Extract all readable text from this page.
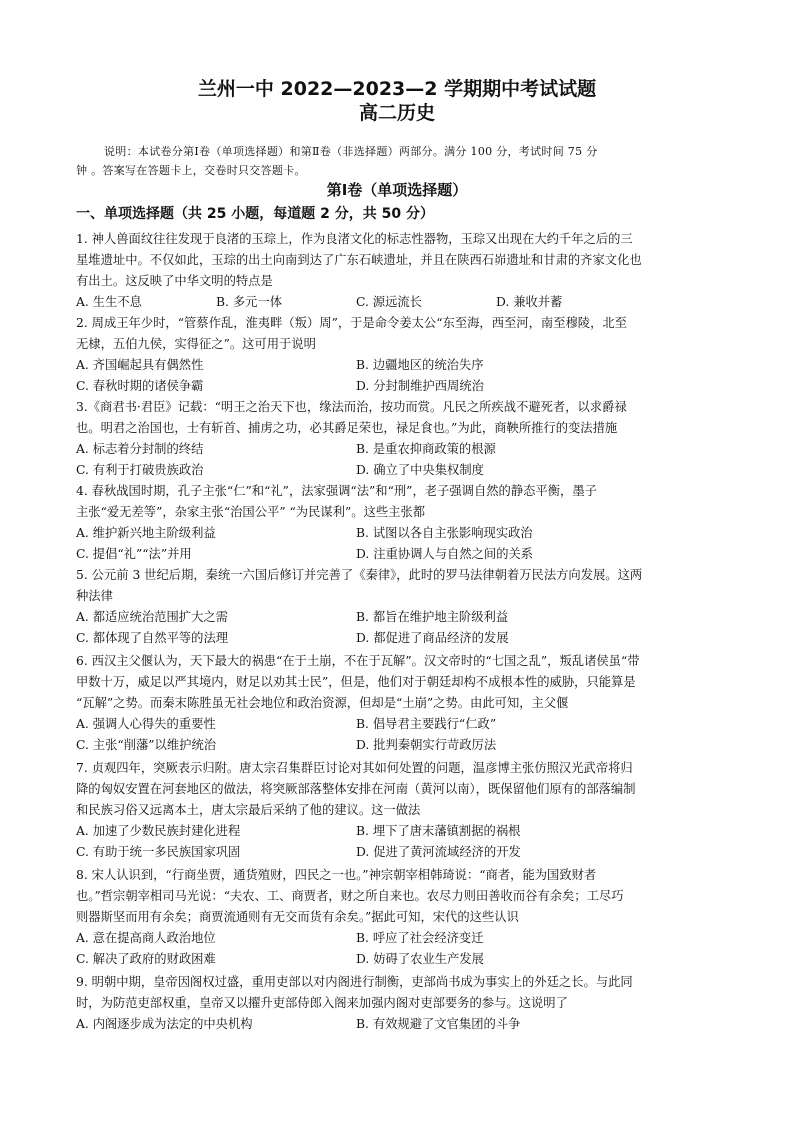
兰州一中 2022—2023—2 学期期中考试试题
高二历史
说明：本试卷分第Ⅰ卷（单项选择题）和第Ⅱ卷（非选择题）两部分。满分 100 分，考试时间 75 分
钟 。答案写在答题卡上，交卷时只交答题卡。
第Ⅰ卷（单项选择题）
一、单项选择题（共 25 小题，每道题 2 分，共 50 分）
1. 神人兽面纹往往发现于良渚的玉琮上，作为良渚文化的标志性器物，玉琮又出现在大约千年之后的三
星堆遗址中。不仅如此，玉琮的出土向南到达了广东石峡遗址，并且在陕西石峁遗址和甘肃的齐家文化也
有出土。这反映了中华文明的特点是
A. 生生不息	B. 多元一体	C. 源远流长	D. 兼收并蓄
2. 周成王年少时，“管蔡作乱，淮夷畔（叛）周”，于是命令姜太公“东至海，西至河，南至穆陵，北至
无棣，五伯九侯，实得征之”。这可用于说明
A. 齐国崛起具有偶然性	B. 边疆地区的统治失序
C. 春秋时期的诸侯争霸	D. 分封制维护西周统治
3.《商君书·君臣》记载：“明王之治天下也，缘法而治，按功而赏。凡民之所疾战不避死者，以求爵禄
也。明君之治国也，士有斩首、捕虏之功，必其爵足荣也，禄足食也。”为此，商鞅所推行的变法措施
A. 标志着分封制的终结	B. 是重农抑商政策的根源
C. 有利于打破贵族政治	D. 确立了中央集权制度
4. 春秋战国时期，孔子主张“仁”和“礼”，法家强调“法”和“刑”，老子强调自然的静态平衡，墨子
主张“爱无差等”，杂家主张“治国公平” “为民谋利”。这些主张都
A. 维护新兴地主阶级利益	B. 试图以各自主张影响现实政治
C. 提倡“礼”“法”并用	D. 注重协调人与自然之间的关系
5. 公元前 3 世纪后期，秦统一六国后修订并完善了《秦律》，此时的罗马法律朝着万民法方向发展。这两
种法律
A. 都适应统治范围扩大之需	B. 都旨在维护地主阶级利益
C. 都体现了自然平等的法理	D. 都促进了商品经济的发展
6. 西汉主父偃认为，天下最大的祸患“在于土崩，不在于瓦解”。汉文帝时的“七国之乱”，叛乱诸侯虽“带
甲数十万，威足以严其境内，财足以劝其士民”，但是，他们对于朝廷却构不成根本性的威胁，只能算是
“瓦解”之势。而秦末陈胜虽无社会地位和政治资源，但却是“土崩”之势。由此可知，主父偃
A. 强调人心得失的重要性	B. 倡导君主要践行“仁政”
C. 主张“削藩”以维护统治	D. 批判秦朝实行苛政厉法
7. 贞观四年，突厥表示归附。唐太宗召集群臣讨论对其如何处置的问题，温彦博主张仿照汉光武帝将归
降的匈奴安置在河套地区的做法，将突厥部落整体安排在河南（黄河以南），既保留他们原有的部落编制
和民族习俗又远离本土，唐太宗最后采纳了他的建议。这一做法
A. 加速了少数民族封建化进程	B. 埋下了唐末藩镇割据的祸根
C. 有助于统一多民族国家巩固	D. 促进了黄河流域经济的开发
8. 宋人认识到，“行商坐贾，通货殖财，四民之一也。”神宗朝宰相韩琦说：“商者，能为国致财者
也。”哲宗朝宰相司马光说：“夫农、工、商贾者，财之所自来也。农尽力则田善收而谷有余矣；工尽巧
则器斯坚而用有余矣；商贾流通则有无交而货有余矣。”据此可知，宋代的这些认识
A. 意在提高商人政治地位	B. 呼应了社会经济变迁
C. 解决了政府的财政困难	D. 妨碍了农业生产发展
9. 明朝中期，皇帝因阁权过盛，重用吏部以对内阁进行制衡，吏部尚书成为事实上的外廷之长。与此同
时，为防范吏部权重，皇帝又以擢升吏部侍郎入阁来加强内阁对吏部要务的参与。这说明了
A. 内阁逐步成为法定的中央机构	B. 有效规避了文官集团的斗争
